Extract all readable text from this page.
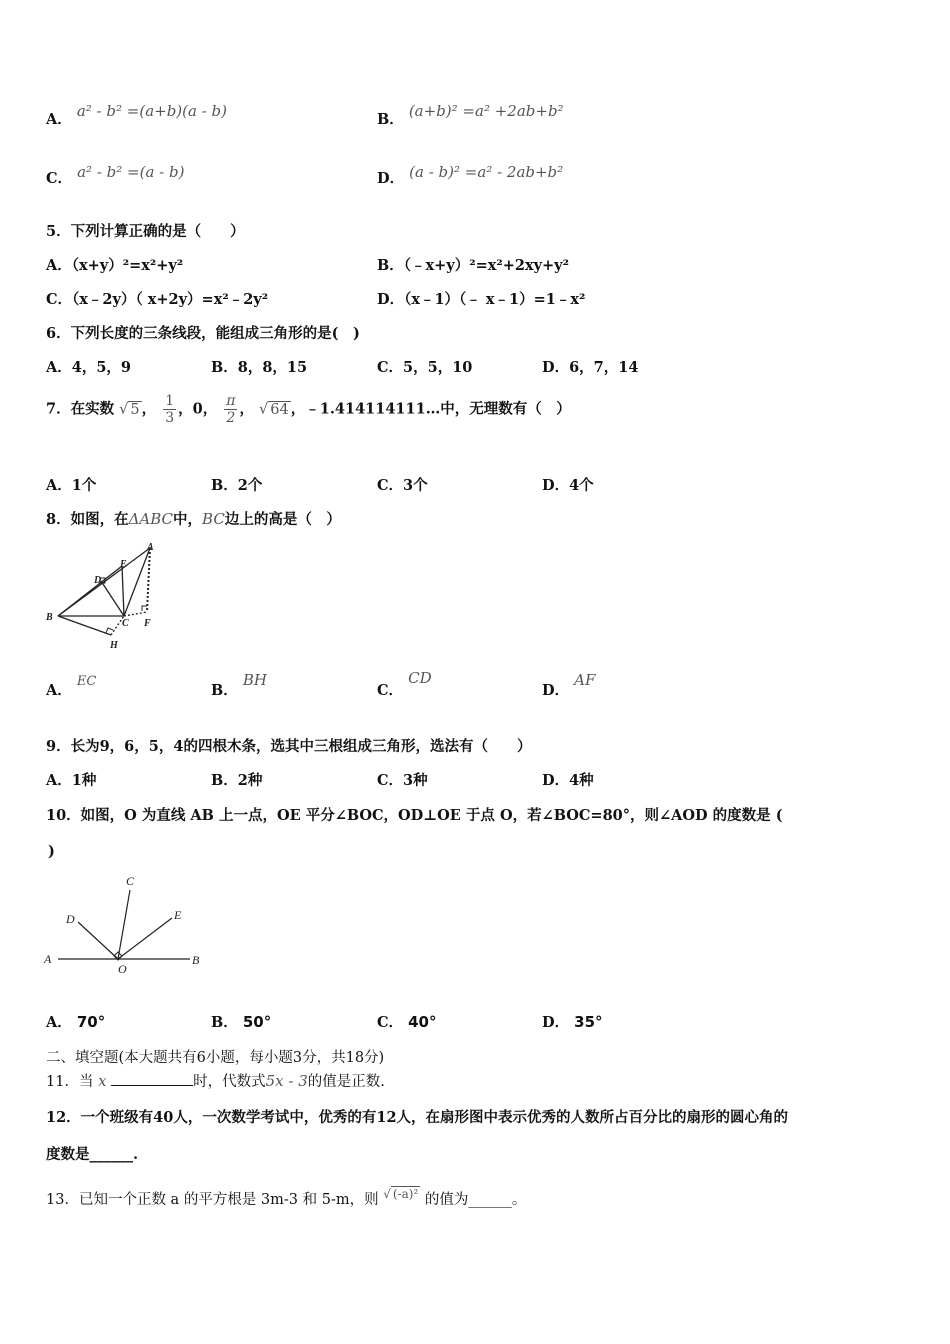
A． a² - b² =(a+b)(a - b)	B． (a+b)² =a² +2ab+b²
C． a² - b² =(a - b)	D． (a - b)² =a² - 2ab+b²
5．下列计算正确的是（　　）
A．（x+y）²=x²+y²	B．（﹣x+y）²=x²+2xy+y²
C．（x﹣2y）（ x+2y）=x²﹣2y²	D．（x﹣1）（﹣ x﹣1）=1﹣x²
6．下列长度的三条线段，能组成三角形的是(　)
A．4，5，9	B．8，8，15	C．5，5，10	D．6，7，14
7．在实数 √ 5 ， $\frac{1}{3}$ ，0， $\frac{\pi}{2}$ ， √ 64 ，﹣1.414114111…中，无理数有（　）
A．1个	B．2个	C．3个	D．4个
8．如图，在ΔABC中，BC边上的高是（　）
B
A
E
D
C F
H
A． EC
B． BH
C． CD
D． AF
9．长为9，6，5，4的四根木条，选其中三根组成三角形，选法有（　　）
A．1种	B．2种	C．3种	D．4种
10．如图，O 为直线 AB 上一点，OE 平分∠BOC，OD⊥OE 于点 O，若∠BOC=80°，则∠AOD 的度数是 (
)
A	B
C
D	E
O
A． 70°	B． 50°	C． 40°	D． 35°
二、填空题(本大题共有6小题，每小题3分，共18分)
11．当 x	时，代数式5x - 3的值是正数.
12．一个班级有40人，一次数学考试中，优秀的有12人，在扇形图中表示优秀的人数所占百分比的扇形的圆心角的
度数是______.
13．已知一个正数 a 的平方根是 3m-3 和 5-m，则 $^{√ (-a)^2}$ 的值为______。
